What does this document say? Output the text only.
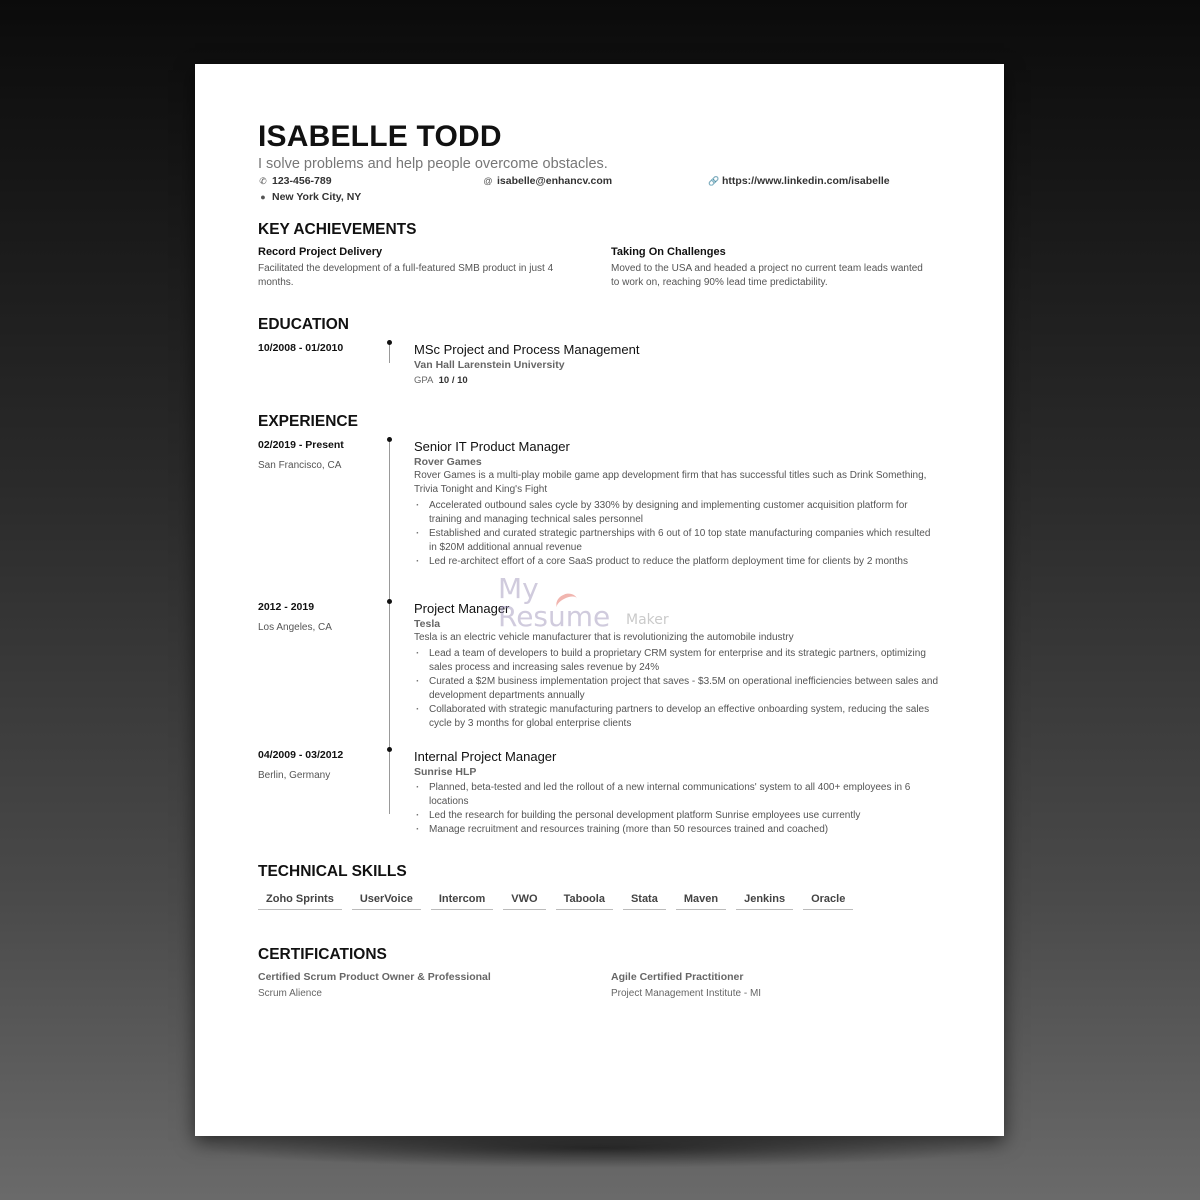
ISABELLE TODD
I solve problems and help people overcome obstacles.
✆ 123-456-789	@ isabelle@enhancv.com	🔗 https://www.linkedin.com/isabelle
● New York City, NY
KEY ACHIEVEMENTS
Record Project Delivery
Facilitated the development of a full-featured SMB product in just 4 months.
Taking On Challenges
Moved to the USA and headed a project no current team leads wanted to work on, reaching 90% lead time predictability.
EDUCATION
10/2008 - 01/2010	MSc Project and Process Management
Van Hall Larenstein University
GPA 10 / 10
EXPERIENCE
02/2019 - Present
San Francisco, CA
Senior IT Product Manager
Rover Games
Rover Games is a multi-play mobile game app development firm that has successful titles such as Drink Something, Trivia Tonight and King's Fight
· Accelerated outbound sales cycle by 330% by designing and implementing customer acquisition platform for training and managing technical sales personnel
· Established and curated strategic partnerships with 6 out of 10 top state manufacturing companies which resulted in $20M additional annual revenue
· Led re-architect effort of a core SaaS product to reduce the platform deployment time for clients by 2 months
2012 - 2019
Los Angeles, CA
Project Manager
Tesla
Tesla is an electric vehicle manufacturer that is revolutionizing the automobile industry
· Lead a team of developers to build a proprietary CRM system for enterprise and its strategic partners, optimizing sales process and increasing sales revenue by 24%
· Curated a $2M business implementation project that saves - $3.5M on operational inefficiencies between sales and development departments annually
· Collaborated with strategic manufacturing partners to develop an effective onboarding system, reducing the sales cycle by 3 months for global enterprise clients
04/2009 - 03/2012
Berlin, Germany
Internal Project Manager
Sunrise HLP
· Planned, beta-tested and led the rollout of a new internal communications' system to all 400+ employees in 6 locations
· Led the research for building the personal development platform Sunrise employees use currently
· Manage recruitment and resources training (more than 50 resources trained and coached)
TECHNICAL SKILLS
Zoho Sprints	UserVoice	Intercom	VWO	Taboola	Stata	Maven	Jenkins	Oracle
CERTIFICATIONS
Certified Scrum Product Owner & Professional
Scrum Alience
Agile Certified Practitioner
Project Management Institute - MI
My
Resume Maker
